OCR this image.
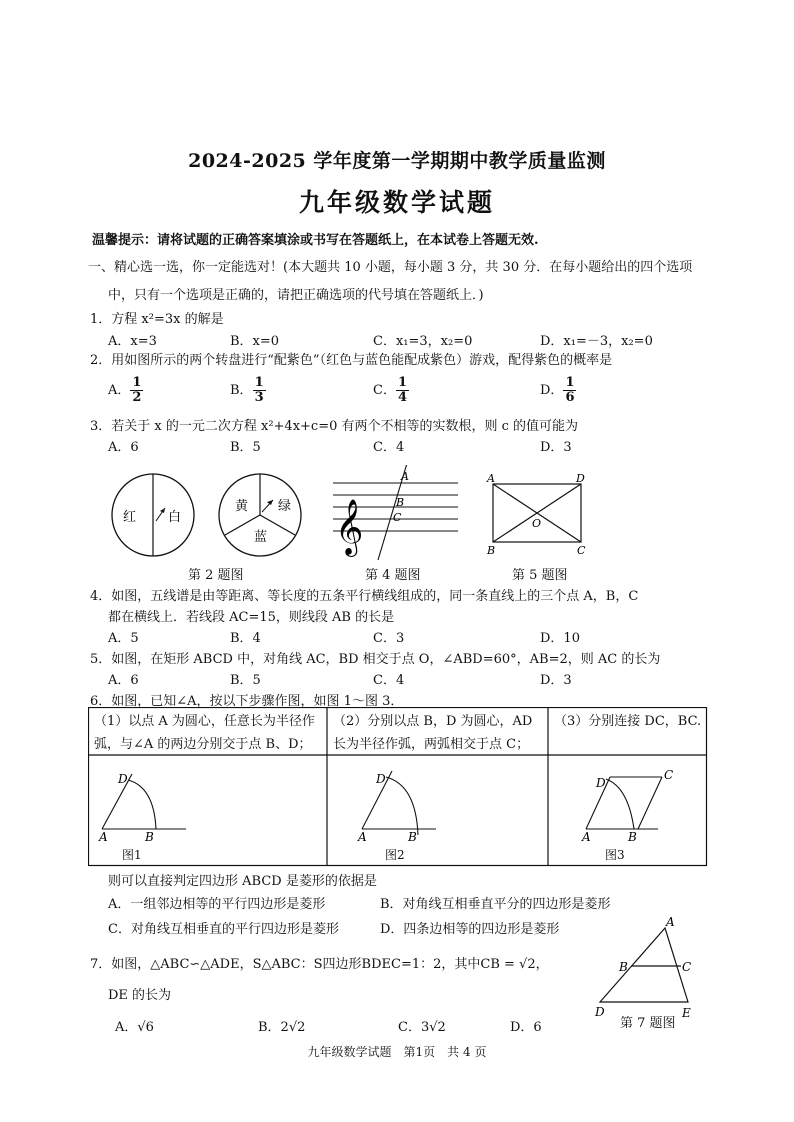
2024-2025 学年度第一学期期中教学质量监测
九年级数学试题
温馨提示：请将试题的正确答案填涂或书写在答题纸上，在本试卷上答题无效.
一、精心选一选，你一定能选对！(本大题共 10 小题，每小题 3 分，共 30 分．在每小题给出的四个选项
中，只有一个选项是正确的，请把正确选项的代号填在答题纸上．)
1．方程 x²=3x 的解是
A．x=3	B．x=0	C．x₁=3，x₂=0	D．x₁=－3，x₂=0
2．用如图所示的两个转盘进行“配紫色”（红色与蓝色能配成紫色）游戏，配得紫色的概率是
A． $\frac{1}{2}$	B． $\frac{1}{3}$	C． $\frac{1}{4}$	D． $\frac{1}{6}$
3．若关于 x 的一元二次方程 x²+4x+c=0 有两个不相等的实数根，则 c 的值可能为
A．6	B．5	C．4	D．3
红 白
黄 绿
蓝 𝄞
A
B
C
A	D
B	C
O
第 2 题图	第 4 题图	第 5 题图
4．如图，五线谱是由等距离、等长度的五条平行横线组成的，同一条直线上的三个点 A，B，C
都在横线上．若线段 AC=15，则线段 AB 的长是
A．5	B．4	C．3	D．10
5．如图，在矩形 ABCD 中，对角线 AC，BD 相交于点 O，∠ABD=60°，AB=2，则 AC 的长为
A．6	B．5	C．4	D．3
6．如图，已知∠A，按以下步骤作图，如图 1～图 3．
D
A	B
D
A	B
D
C
A	B
（1）以点 A 为圆心，任意长为半径作弧，与∠A 的两边分别交于点 B、D；
（2）分别以点 B，D 为圆心，AD 长为半径作弧，两弧相交于点 C；
（3）分别连接 DC，BC.
图1	图2	图3
则可以直接判定四边形 ABCD 是菱形的依据是
A．一组邻边相等的平行四边形是菱形	B．对角线互相垂直平分的四边形是菱形
C．对角线互相垂直的平行四边形是菱形	D．四条边相等的四边形是菱形
7．如图，△ABC∽△ADE，S△ABC：S四边形BDEC=1：2，其中CB = √2，
DE 的长为
A．√6	B．2√2	C．3√2	D．6
A
B	C
D	E
第 7 题图
九年级数学试题　第1页　共 4 页
